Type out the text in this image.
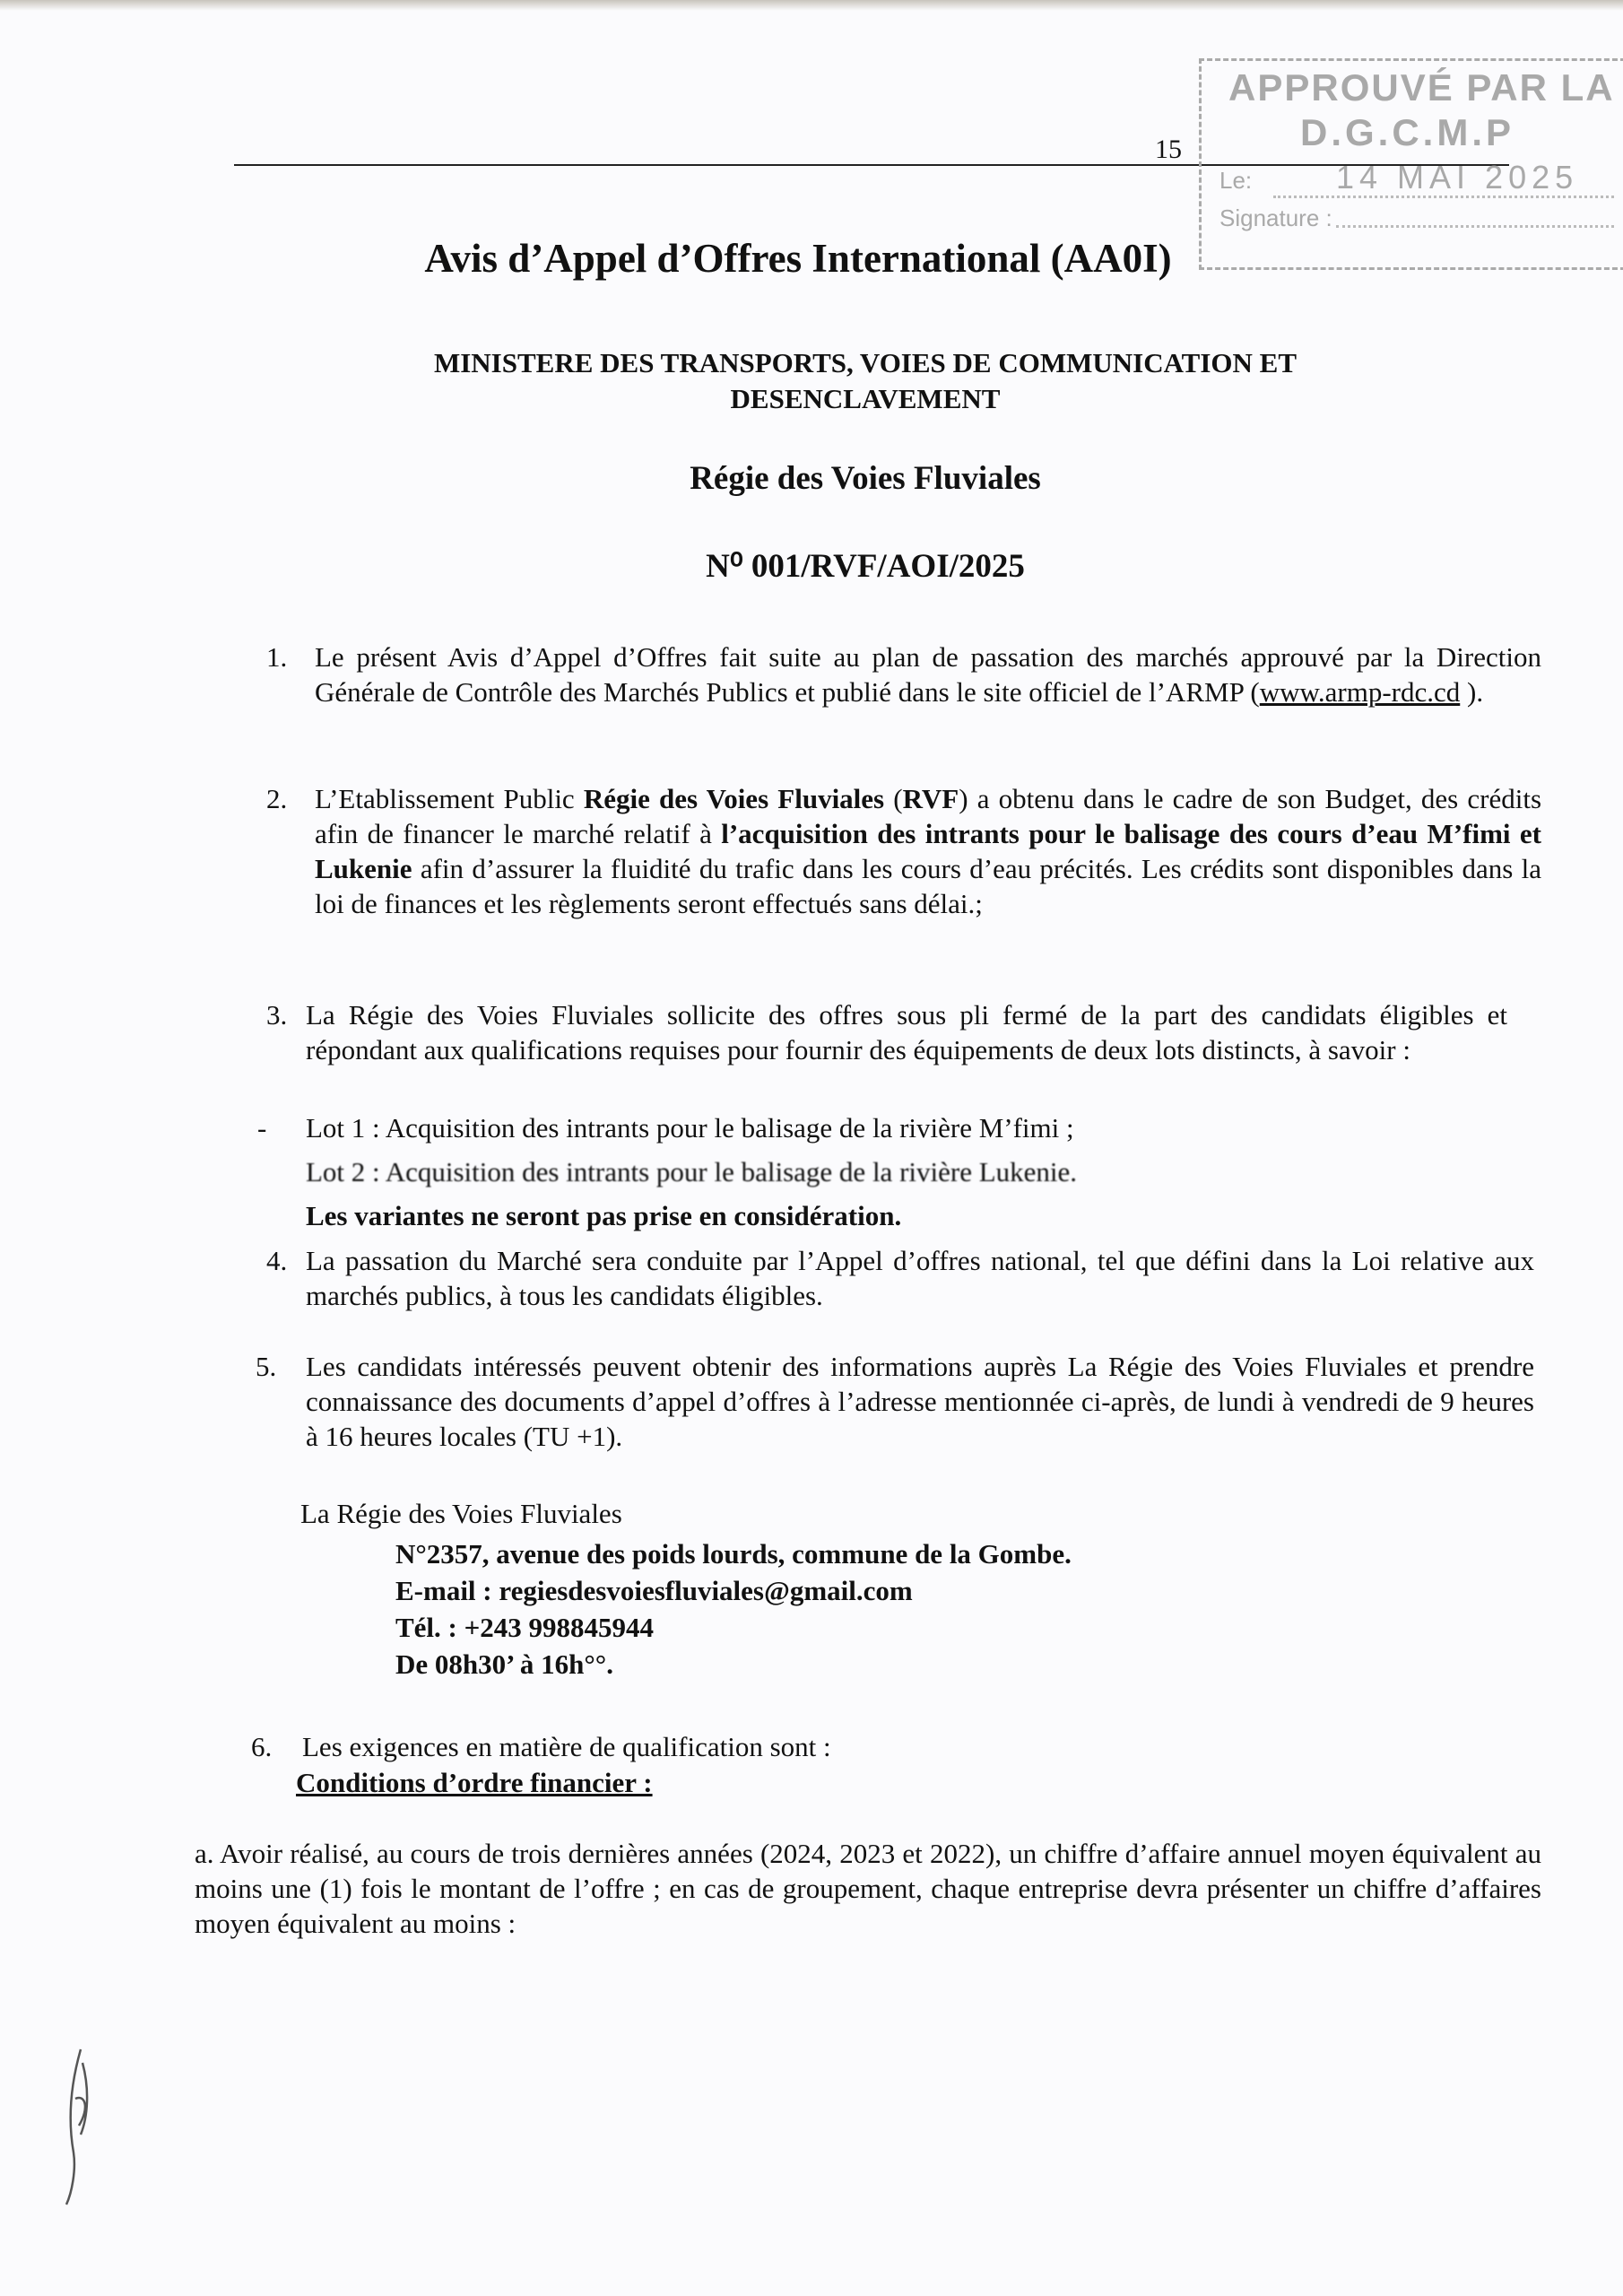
APPROUVÉ PAR LA
D.G.C.M.P
14 MAI 2025
Le:
Signature :
15
Avis d’Appel d’Offres International (AA0I)
MINISTERE DES TRANSPORTS, VOIES DE COMMUNICATION ET DESENCLAVEMENT
Régie des Voies Fluviales
N⁰ 001/RVF/AOI/2025
1. Le présent Avis d’Appel d’Offres fait suite au plan de passation des marchés approuvé par la Direction Générale de Contrôle des Marchés Publics et publié dans le site officiel de l’ARMP (www.armp-rdc.cd ).
2. L’Etablissement Public Régie des Voies Fluviales (RVF) a obtenu dans le cadre de son Budget, des crédits afin de financer le marché relatif à l’acquisition des intrants pour le balisage des cours d’eau M’fimi et Lukenie afin d’assurer la fluidité du trafic dans les cours d’eau précités. Les crédits sont disponibles dans la loi de finances et les règlements seront effectués sans délai.;
3. La Régie des Voies Fluviales sollicite des offres sous pli fermé de la part des candidats éligibles et répondant aux qualifications requises pour fournir des équipements de deux lots distincts, à savoir :
- Lot 1 : Acquisition des intrants pour le balisage de la rivière M’fimi ;
Lot 2 : Acquisition des intrants pour le balisage de la rivière Lukenie.
Les variantes ne seront pas prise en considération.
4. La passation du Marché sera conduite par l’Appel d’offres national, tel que défini dans la Loi relative aux marchés publics, à tous les candidats éligibles.
5. Les candidats intéressés peuvent obtenir des informations auprès La Régie des Voies Fluviales et prendre connaissance des documents d’appel d’offres à l’adresse mentionnée ci-après, de lundi à vendredi de 9 heures à 16 heures locales (TU +1).
La Régie des Voies Fluviales
N°2357, avenue des poids lourds, commune de la Gombe.
E-mail : regiesdesvoiesfluviales@gmail.com
Tél. : +243 998845944
De 08h30’ à 16h°°.
6. Les exigences en matière de qualification sont :
Conditions d’ordre financier :
a. Avoir réalisé, au cours de trois dernières années (2024, 2023 et 2022), un chiffre d’affaire annuel moyen équivalent au moins une (1) fois le montant de l’offre ; en cas de groupement, chaque entreprise devra présenter un chiffre d’affaires moyen équivalent au moins :
